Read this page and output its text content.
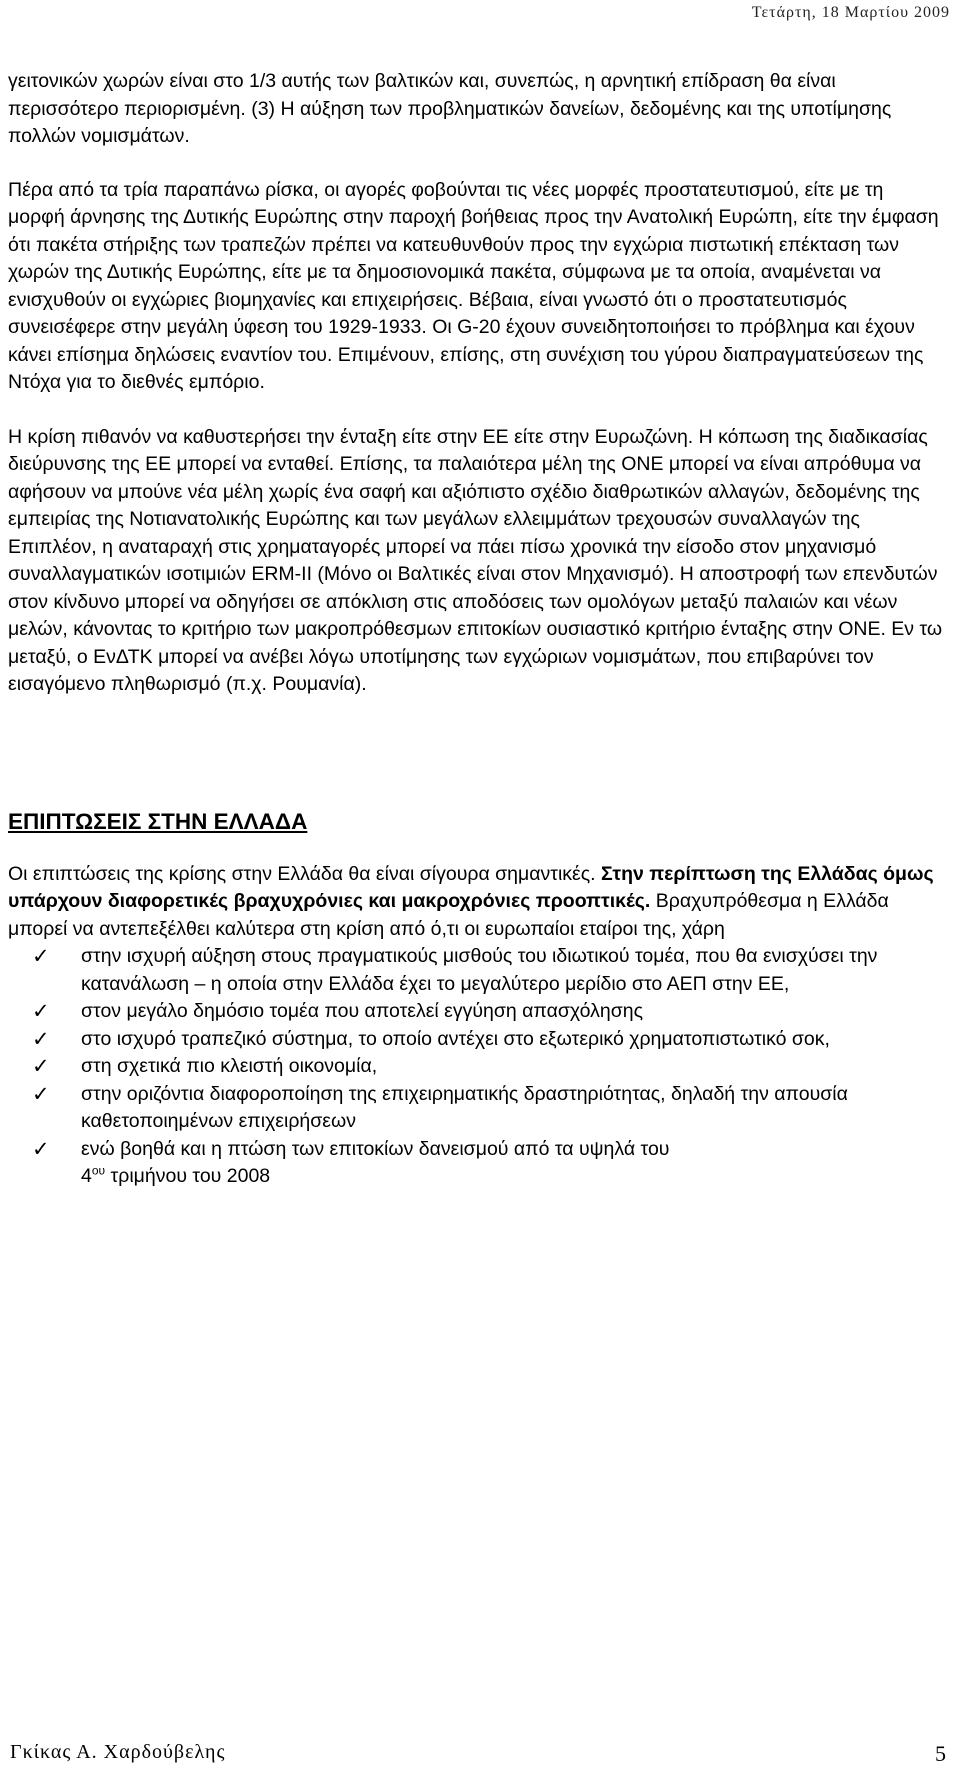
Τετάρτη, 18 Μαρτίου 2009

γειτονικών χωρών είναι στο 1/3 αυτής των βαλτικών και, συνεπώς, η αρνητική επίδραση θα είναι περισσότερο περιορισμένη. (3) Η αύξηση των προβληματικών δανείων, δεδομένης και της υποτίμησης πολλών νομισμάτων.

Πέρα από τα τρία παραπάνω ρίσκα, οι αγορές φοβούνται τις νέες μορφές προστατευτισμού, είτε με τη μορφή άρνησης της Δυτικής Ευρώπης στην παροχή βοήθειας προς την Ανατολική Ευρώπη, είτε την έμφαση ότι πακέτα στήριξης των τραπεζών πρέπει να κατευθυνθούν προς την εγχώρια πιστωτική επέκταση των χωρών της Δυτικής Ευρώπης, είτε με τα δημοσιονομικά πακέτα, σύμφωνα με τα οποία, αναμένεται να ενισχυθούν οι εγχώριες βιομηχανίες και επιχειρήσεις. Βέβαια, είναι γνωστό ότι ο προστατευτισμός συνεισέφερε στην μεγάλη ύφεση του 1929-1933. Οι G-20 έχουν συνειδητοποιήσει το πρόβλημα και έχουν κάνει επίσημα δηλώσεις εναντίον του. Επιμένουν, επίσης, στη συνέχιση του γύρου διαπραγματεύσεων της Ντόχα για το διεθνές εμπόριο.

Η κρίση πιθανόν να καθυστερήσει την ένταξη είτε στην ΕΕ είτε στην Ευρωζώνη. Η κόπωση της διαδικασίας διεύρυνσης της ΕΕ μπορεί να ενταθεί. Επίσης, τα παλαιότερα μέλη της ΟΝΕ μπορεί να είναι απρόθυμα να αφήσουν να μπούνε νέα μέλη χωρίς ένα σαφή και αξιόπιστο σχέδιο διαθρωτικών αλλαγών, δεδομένης της εμπειρίας της Νοτιανατολικής Ευρώπης και των μεγάλων ελλειμμάτων τρεχουσών συναλλαγών της

Επιπλέον, η αναταραχή στις χρηματαγορές μπορεί να πάει πίσω χρονικά την είσοδο στον μηχανισμό συναλλαγματικών ισοτιμιών ERM-II (Μόνο οι Βαλτικές είναι στον Μηχανισμό). Η αποστροφή των επενδυτών στον κίνδυνο μπορεί να οδηγήσει σε απόκλιση στις αποδόσεις των ομολόγων μεταξύ παλαιών και νέων μελών, κάνοντας το κριτήριο των μακροπρόθεσμων επιτοκίων ουσιαστικό κριτήριο ένταξης στην ΟΝΕ. Εν τω μεταξύ, ο ΕνΔΤΚ μπορεί να ανέβει λόγω υποτίμησης των εγχώριων νομισμάτων, που επιβαρύνει τον εισαγόμενο πληθωρισμό (π.χ. Ρουμανία).

ΕΠΙΠΤΩΣΕΙΣ ΣΤΗΝ ΕΛΛΑΔΑ

Οι επιπτώσεις της κρίσης στην Ελλάδα θα είναι σίγουρα σημαντικές. Στην περίπτωση της Ελλάδας όμως υπάρχουν διαφορετικές βραχυχρόνιες και μακροχρόνιες προοπτικές. Βραχυπρόθεσμα η Ελλάδα μπορεί να αντεπεξέλθει καλύτερα στη κρίση από ό,τι οι ευρωπαίοι εταίροι της, χάρη

✓ στην ισχυρή αύξηση στους πραγματικούς μισθούς του ιδιωτικού τομέα, που θα ενισχύσει την κατανάλωση – η οποία στην Ελλάδα έχει το μεγαλύτερο μερίδιο στο ΑΕΠ στην ΕΕ,
✓ στον μεγάλο δημόσιο τομέα που αποτελεί εγγύηση απασχόλησης
✓ στο ισχυρό τραπεζικό σύστημα, το οποίο αντέχει στο εξωτερικό χρηματοπιστωτικό σοκ,
✓ στη σχετικά πιο κλειστή οικονομία,
✓ στην οριζόντια διαφοροποίηση της επιχειρηματικής δραστηριότητας, δηλαδή την απουσία καθετοποιημένων επιχειρήσεων
✓ ενώ βοηθά και η πτώση των επιτοκίων δανεισμού από τα υψηλά του
$4^{o\upsilon}$ τριμήνου του 2008
Γκίκας Α. Χαρδούβελης	5
